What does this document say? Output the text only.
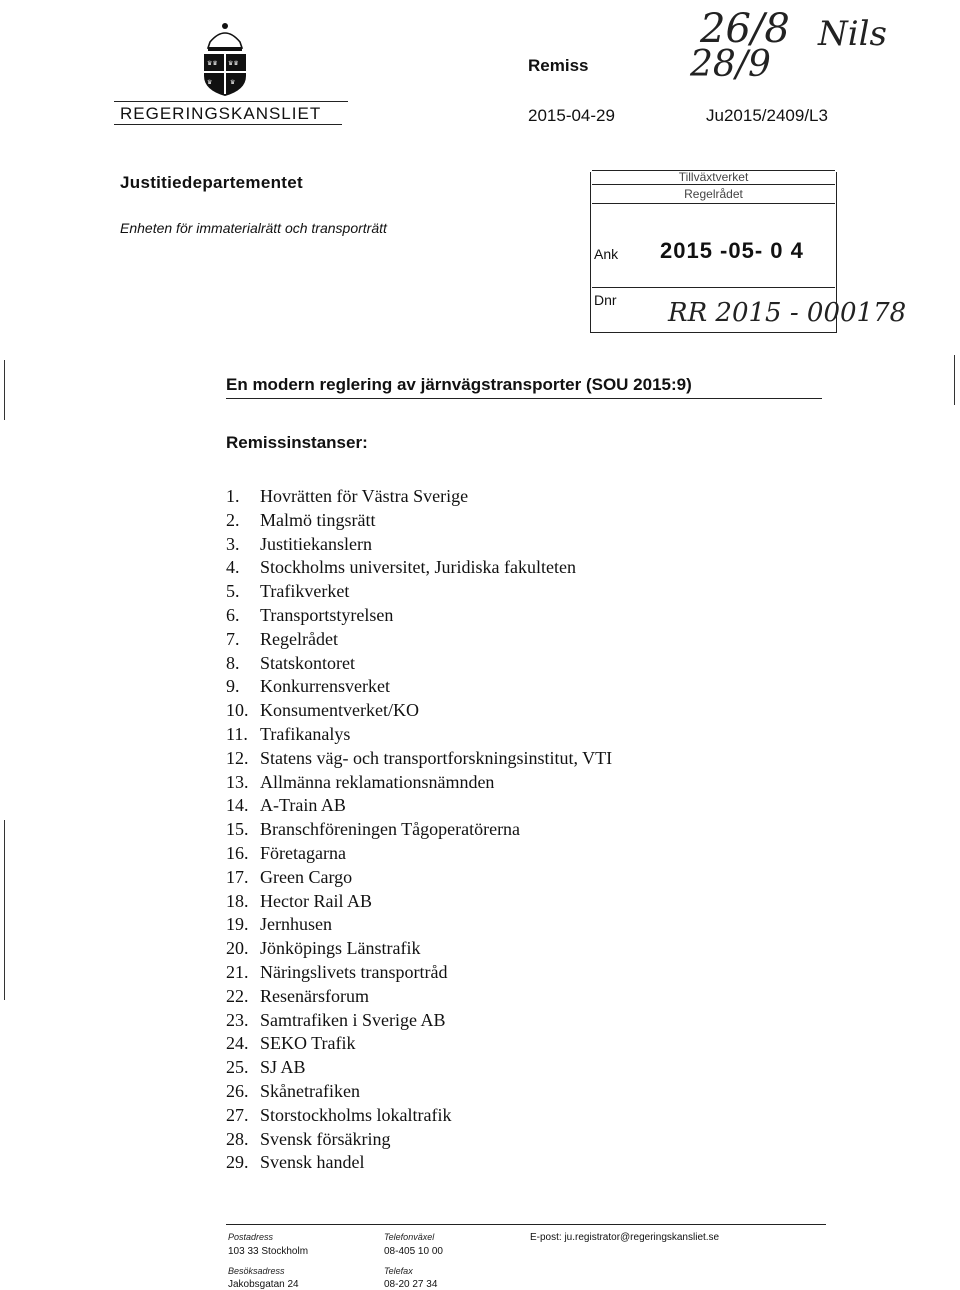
♛♛ ♛♛
♛	♛
REGERINGSKANSLIET
Remiss
2015-04-29	Ju2015/2409/L3
26/8
28/9
Nils
Justitiedepartementet
Enheten för immaterialrätt och transporträtt
Tillväxtverket
Regelrådet
Ank 2015 -05- 0 4
Dnr RR 2015 - 000178
En modern reglering av järnvägstransporter (SOU 2015:9)
Remissinstanser:
1. Hovrätten för Västra Sverige
2. Malmö tingsrätt
3. Justitiekanslern
4. Stockholms universitet, Juridiska fakulteten
5. Trafikverket
6. Transportstyrelsen
7. Regelrådet
8. Statskontoret
9. Konkurrensverket
10. Konsumentverket/KO
11. Trafikanalys
12. Statens väg- och transportforskningsinstitut, VTI
13. Allmänna reklamationsnämnden
14. A-Train AB
15. Branschföreningen Tågoperatörerna
16. Företagarna
17. Green Cargo
18. Hector Rail AB
19. Jernhusen
20. Jönköpings Länstrafik
21. Näringslivets transportråd
22. Resenärsforum
23. Samtrafiken i Sverige AB
24. SEKO Trafik
25. SJ AB
26. Skånetrafiken
27. Storstockholms lokaltrafik
28. Svensk försäkring
29. Svensk handel
Postadress
103 33 Stockholm
Besöksadress
Jakobsgatan 24
Telefonväxel
08-405 10 00
Telefax
08-20 27 34
E-post: ju.registrator@regeringskansliet.se
